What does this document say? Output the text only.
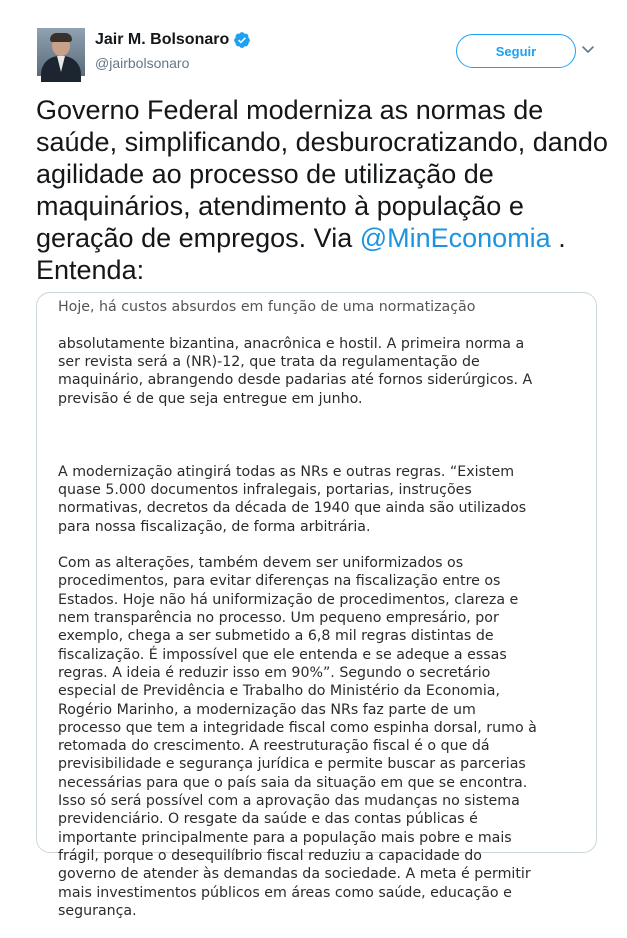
Jair M. Bolsonaro
@jairbolsonaro
Seguir
Governo Federal moderniza as normas de saúde, simplificando, desburocratizando, dando agilidade ao processo de utilização de maquinários, atendimento à população e geração de empregos. Via @MinEconomia . Entenda:

Hoje, há custos absurdos em função de uma normatização

absolutamente bizantina, anacrônica e hostil. A primeira norma a
ser revista será a (NR)-12, que trata da regulamentação de
maquinário, abrangendo desde padarias até fornos siderúrgicos. A
previsão é de que seja entregue em junho.

A modernização atingirá todas as NRs e outras regras. “Existem
quase 5.000 documentos infralegais, portarias, instruções
normativas, decretos da década de 1940 que ainda são utilizados
para nossa fiscalização, de forma arbitrária.

Com as alterações, também devem ser uniformizados os
procedimentos, para evitar diferenças na fiscalização entre os
Estados. Hoje não há uniformização de procedimentos, clareza e
nem transparência no processo. Um pequeno empresário, por
exemplo, chega a ser submetido a 6,8 mil regras distintas de
fiscalização. É impossível que ele entenda e se adeque a essas
regras. A ideia é reduzir isso em 90%”. Segundo o secretário
especial de Previdência e Trabalho do Ministério da Economia,
Rogério Marinho, a modernização das NRs faz parte de um
processo que tem a integridade fiscal como espinha dorsal, rumo à
retomada do crescimento. A reestruturação fiscal é o que dá
previsibilidade e segurança jurídica e permite buscar as parcerias
necessárias para que o país saia da situação em que se encontra.
Isso só será possível com a aprovação das mudanças no sistema
previdenciário. O resgate da saúde e das contas públicas é
importante principalmente para a população mais pobre e mais
frágil, porque o desequilíbrio fiscal reduziu a capacidade do
governo de atender às demandas da sociedade. A meta é permitir
mais investimentos públicos em áreas como saúde, educação e
segurança.
